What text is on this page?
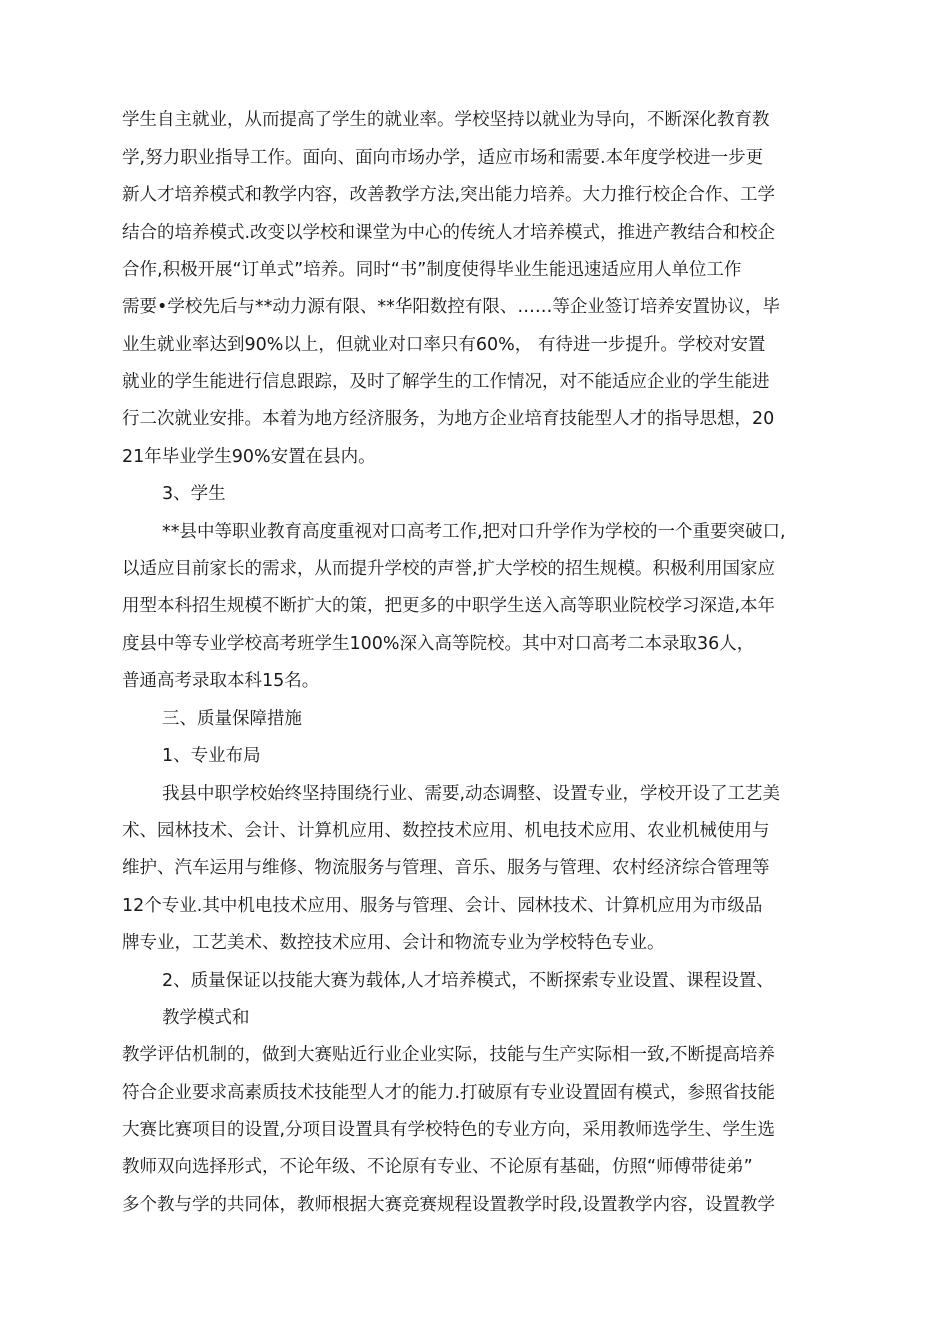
学生自主就业，从而提高了学生的就业率。学校坚持以就业为导向，不断深化教育教
学,努力职业指导工作。面向、面向市场办学，适应市场和需要.本年度学校进一步更
新人才培养模式和教学内容，改善教学方法,突出能力培养。大力推行校企合作、工学
结合的培养模式.改变以学校和课堂为中心的传统人才培养模式，推进产教结合和校企
合作,积极开展“订单式”培养。同时“书”制度使得毕业生能迅速适应用人单位工作
需要•学校先后与**动力源有限、**华阳数控有限、……等企业签订培养安置协议，毕
业生就业率达到90%以上，但就业对口率只有60%， 有待进一步提升。学校对安置
就业的学生能进行信息跟踪，及时了解学生的工作情况，对不能适应企业的学生能进
行二次就业安排。本着为地方经济服务，为地方企业培育技能型人才的指导思想，20
21年毕业学生90%安置在县内。
3、学生
**县中等职业教育高度重视对口高考工作,把对口升学作为学校的一个重要突破口,
以适应目前家长的需求，从而提升学校的声誉,扩大学校的招生规模。积极利用国家应
用型本科招生规模不断扩大的策，把更多的中职学生送入高等职业院校学习深造,本年
度县中等专业学校高考班学生100%深入高等院校。其中对口高考二本录取36人，
普通高考录取本科15名。
三、质量保障措施
1、专业布局
我县中职学校始终坚持围绕行业、需要,动态调整、设置专业，学校开设了工艺美
术、园林技术、会计、计算机应用、数控技术应用、机电技术应用、农业机械使用与
维护、汽车运用与维修、物流服务与管理、音乐、服务与管理、农村经济综合管理等
12个专业.其中机电技术应用、服务与管理、会计、园林技术、计算机应用为市级品
牌专业，工艺美术、数控技术应用、会计和物流专业为学校特色专业。
2、质量保证以技能大赛为载体,人才培养模式，不断探索专业设置、课程设置、
教学模式和
教学评估机制的，做到大赛贴近行业企业实际，技能与生产实际相一致,不断提高培养
符合企业要求高素质技术技能型人才的能力.打破原有专业设置固有模式，参照省技能
大赛比赛项目的设置,分项目设置具有学校特色的专业方向，采用教师选学生、学生选
教师双向选择形式，不论年级、不论原有专业、不论原有基础，仿照“师傅带徒弟”
多个教与学的共同体，教师根据大赛竞赛规程设置教学时段,设置教学内容，设置教学
